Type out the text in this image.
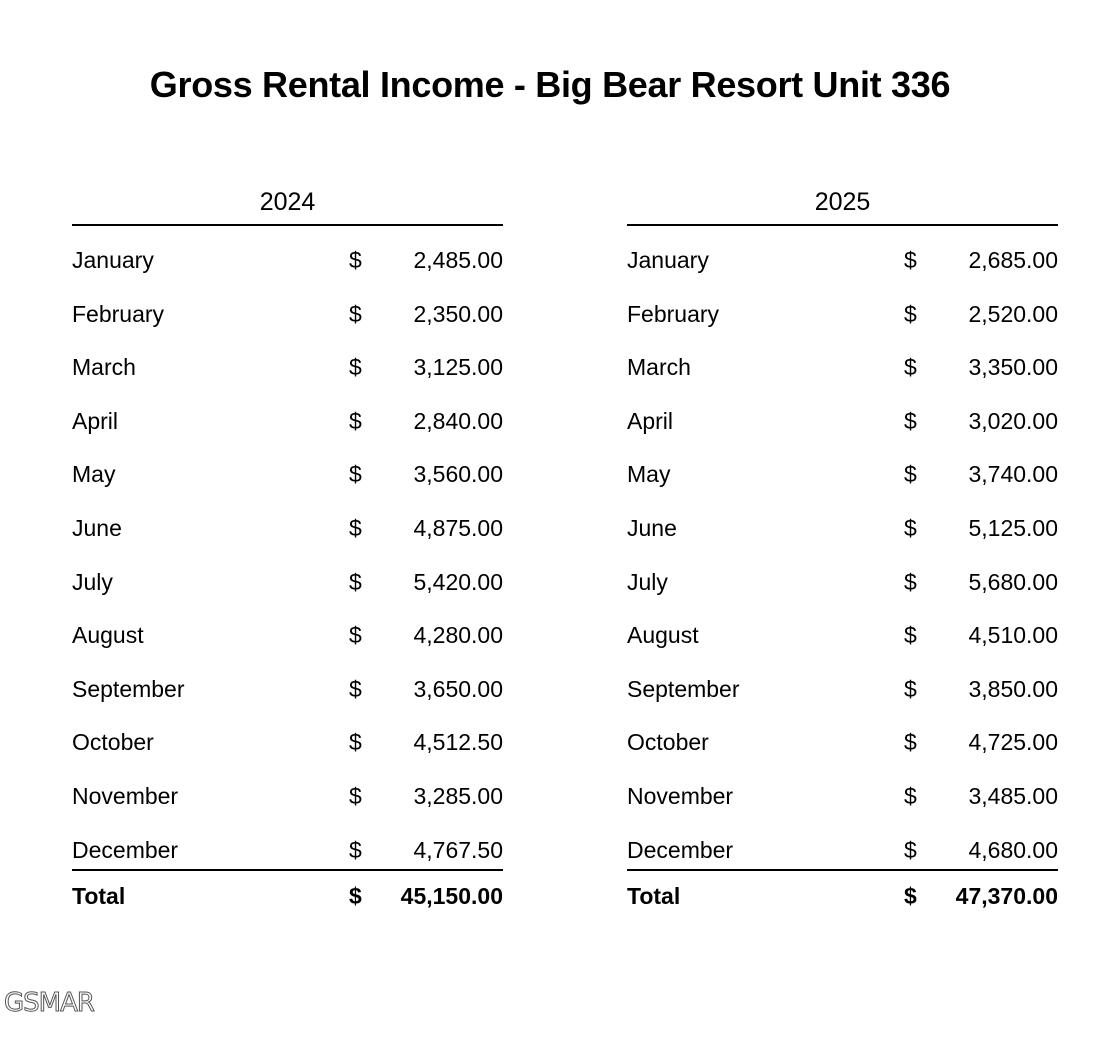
Gross Rental Income - Big Bear Resort Unit 336
2024
January	$ 2,485.00
February	$ 2,350.00
March	$ 3,125.00
April	$ 2,840.00
May	$ 3,560.00
June	$ 4,875.00
July	$ 5,420.00
August	$ 4,280.00
September	$ 3,650.00
October	$ 4,512.50
November	$ 3,285.00
December	$ 4,767.50
Total	$ 45,150.00
2025
January	$ 2,685.00
February	$ 2,520.00
March	$ 3,350.00
April	$ 3,020.00
May	$ 3,740.00
June	$ 5,125.00
July	$ 5,680.00
August	$ 4,510.00
September	$ 3,850.00
October	$ 4,725.00
November	$ 3,485.00
December	$ 4,680.00
Total	$ 47,370.00
GSMAR
